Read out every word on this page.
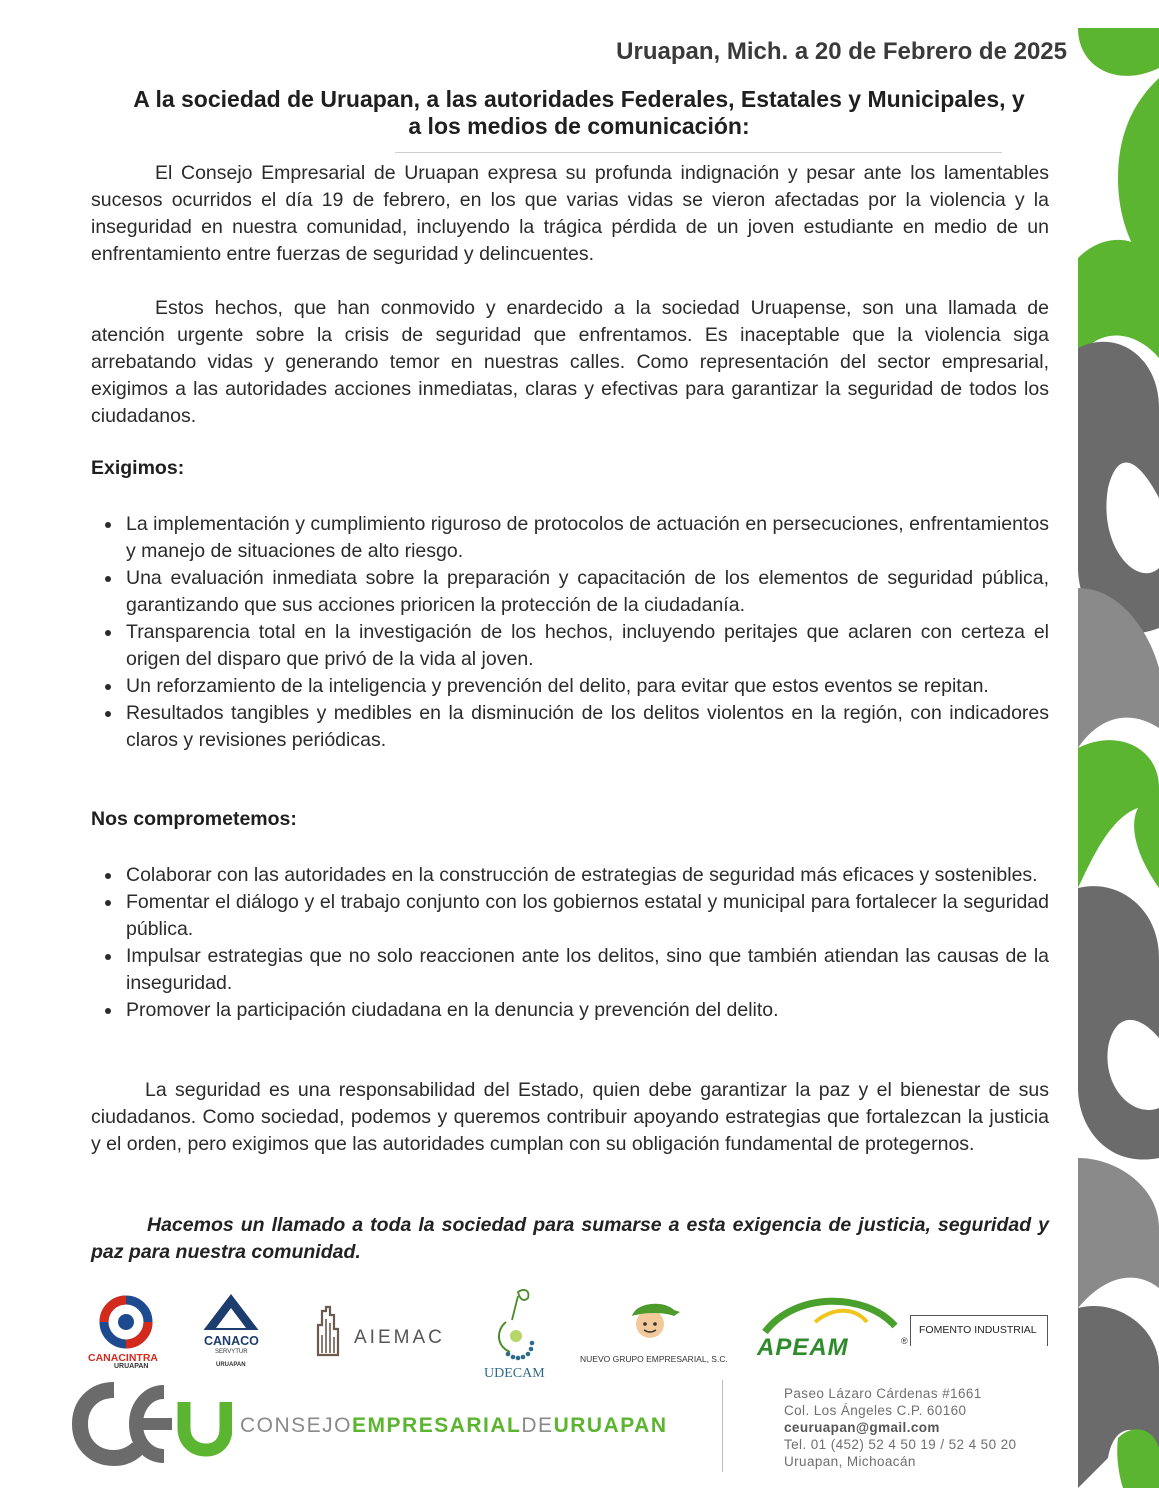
Uruapan, Mich. a 20 de Febrero de 2025
A la sociedad de Uruapan, a las autoridades Federales, Estatales y Municipales, y
a los medios de comunicación:

El Consejo Empresarial de Uruapan expresa su profunda indignación y pesar ante los lamentables sucesos ocurridos el día 19 de febrero, en los que varias vidas se vieron afectadas por la violencia y la inseguridad en nuestra comunidad, incluyendo la trágica pérdida de un joven estudiante en medio de un enfrentamiento entre fuerzas de seguridad y delincuentes.

Estos hechos, que han conmovido y enardecido a la sociedad Uruapense, son una llamada de atención urgente sobre la crisis de seguridad que enfrentamos. Es inaceptable que la violencia siga arrebatando vidas y generando temor en nuestras calles. Como representación del sector empresarial, exigimos a las autoridades acciones inmediatas, claras y efectivas para garantizar la seguridad de todos los ciudadanos.

Exigimos:
La implementación y cumplimiento riguroso de protocolos de actuación en persecuciones, enfrentamientos y manejo de situaciones de alto riesgo.
Una evaluación inmediata sobre la preparación y capacitación de los elementos de seguridad pública, garantizando que sus acciones prioricen la protección de la ciudadanía.
Transparencia total en la investigación de los hechos, incluyendo peritajes que aclaren con certeza el origen del disparo que privó de la vida al joven.
Un reforzamiento de la inteligencia y prevención del delito, para evitar que estos eventos se repitan.
Resultados tangibles y medibles en la disminución de los delitos violentos en la región, con indicadores claros y revisiones periódicas.
Nos comprometemos:
Colaborar con las autoridades en la construcción de estrategias de seguridad más eficaces y sostenibles.
Fomentar el diálogo y el trabajo conjunto con los gobiernos estatal y municipal para fortalecer la seguridad pública.
Impulsar estrategias que no solo reaccionen ante los delitos, sino que también atiendan las causas de la inseguridad.
Promover la participación ciudadana en la denuncia y prevención del delito.

La seguridad es una responsabilidad del Estado, quien debe garantizar la paz y el bienestar de sus ciudadanos. Como sociedad, podemos y queremos contribuir apoyando estrategias que fortalezcan la justicia y el orden, pero exigimos que las autoridades cumplan con su obligación fundamental de protegernos.

Hacemos un llamado a toda la sociedad para sumarse a esta exigencia de justicia, seguridad y paz para nuestra comunidad.

CANACINTRA
URUAPAN
CANACO
SERVYTUR
URUAPAN
AIEMAC
UDECAM
NUEVO GRUPO EMPRESARIAL, S.C. APEAM	®
FOMENTO INDUSTRIAL
CONSEJOEMPRESARIALDEURUAPAN
Paseo Lázaro Cárdenas #1661
Col. Los Ángeles C.P. 60160
ceuruapan@gmail.com
Tel. 01 (452) 52 4 50 19 / 52 4 50 20
Uruapan, Michoacán
